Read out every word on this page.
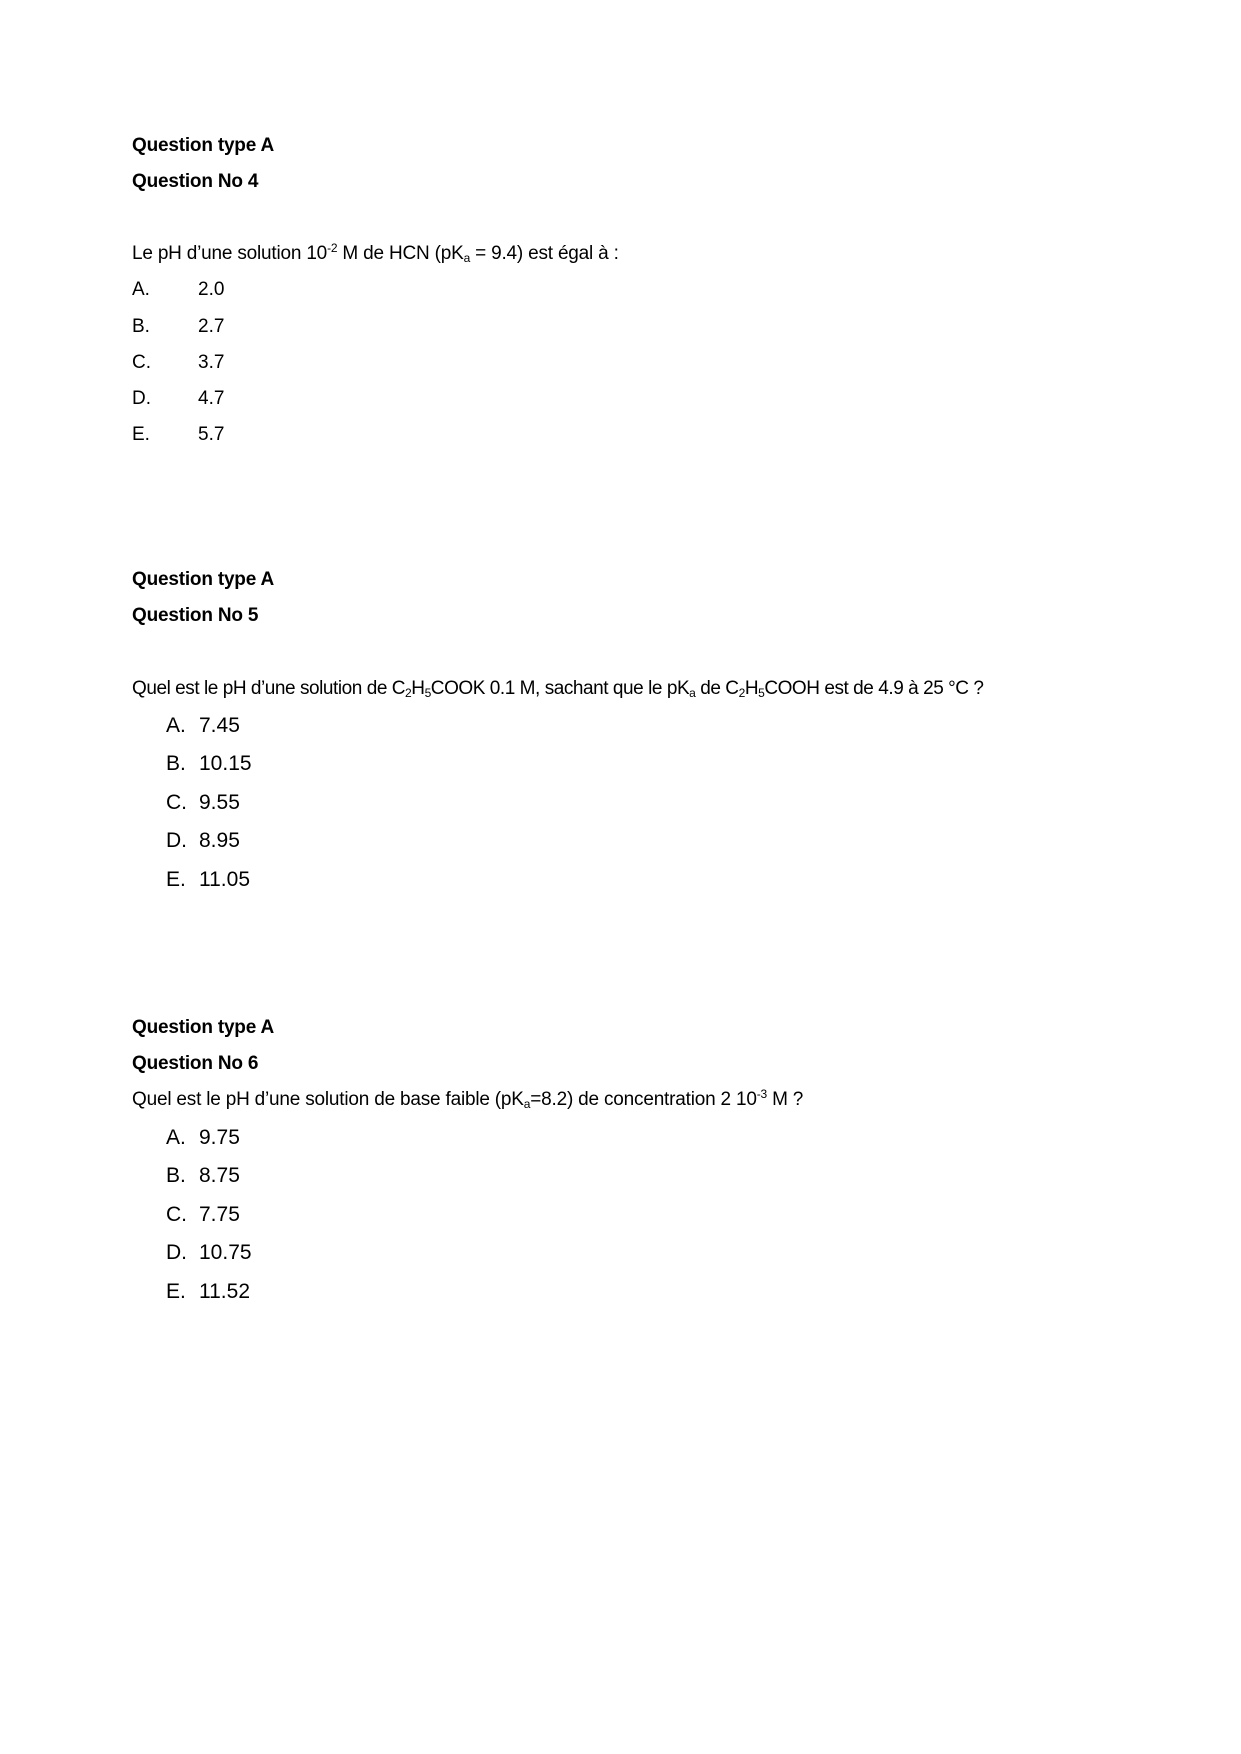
Question type A
Question No 4
Le pH d’une solution $10^{-2}$ M de HCN $(pK_a = 9.4)$ est égal à :
A.	2.0
B.	2.7
C. 3.7
D. 4.7
E.	5.7
Question type A
Question No 5
Quel est le pH d’une solution de $C_2H_5COOK$ 0.1 M, sachant que le $pK_a$ de $C_2H_5COOH$ est de 4.9 à 25 °C ?
A. 7.45
B. 10.15
C. 9.55
D. 8.95
E. 11.05
Question type A
Question No 6
Quel est le pH d’une solution de base faible $(pK_a=8.2)$ de concentration 2 $10^{-3}$ M ?
A. 9.75
B. 8.75
C. 7.75
D. 10.75
E. 11.52
